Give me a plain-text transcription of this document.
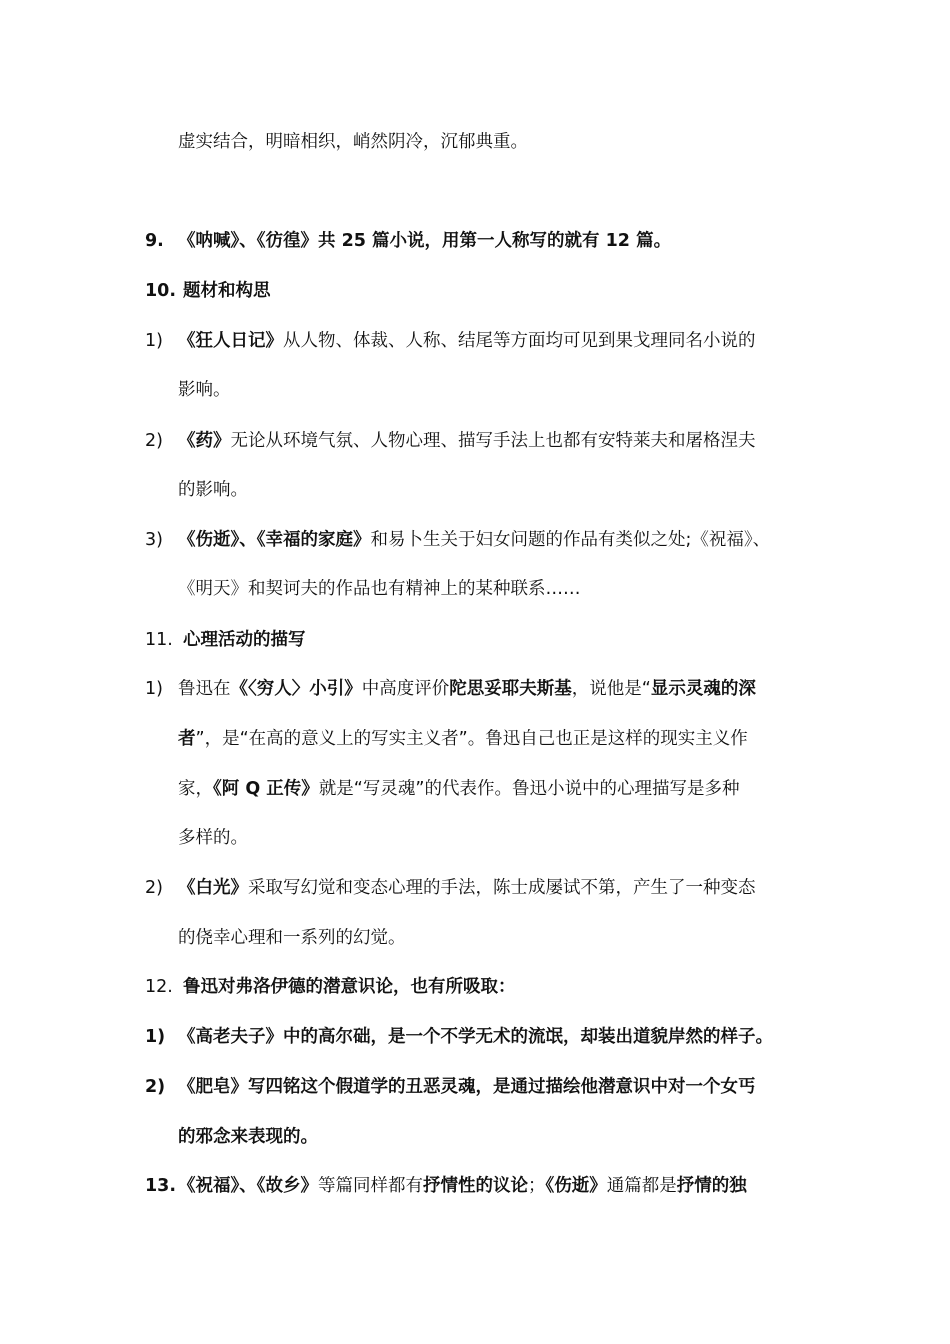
虚实结合，明暗相织，峭然阴冷，沉郁典重。
9. 《呐喊》、《彷徨》共 25 篇小说，用第一人称写的就有 12 篇。
10. 题材和构思
1) 《狂人日记》从人物、体裁、人称、结尾等方面均可见到果戈理同名小说的
影响。
2) 《药》无论从环境气氛、人物心理、描写手法上也都有安特莱夫和屠格涅夫
的影响。
3) 《伤逝》、《幸福的家庭》和易卜生关于妇女问题的作品有类似之处;《祝福》、
《明天》和契诃夫的作品也有精神上的某种联系……
11. 心理活动的描写
1) 鲁迅在《〈穷人〉小引》中高度评价陀思妥耶夫斯基，说他是“显示灵魂的深
者”，是“在高的意义上的写实主义者”。鲁迅自己也正是这样的现实主义作
家，《阿 Q 正传》就是“写灵魂”的代表作。鲁迅小说中的心理描写是多种
多样的。
2) 《白光》采取写幻觉和变态心理的手法，陈士成屡试不第，产生了一种变态
的侥幸心理和一系列的幻觉。
12. 鲁迅对弗洛伊德的潜意识论，也有所吸取：
1) 《高老夫子》中的高尔础，是一个不学无术的流氓，却装出道貌岸然的样子。
2) 《肥皂》写四铭这个假道学的丑恶灵魂，是通过描绘他潜意识中对一个女丐
的邪念来表现的。
13. 《祝福》、《故乡》等篇同样都有抒情性的议论；《伤逝》通篇都是抒情的独
